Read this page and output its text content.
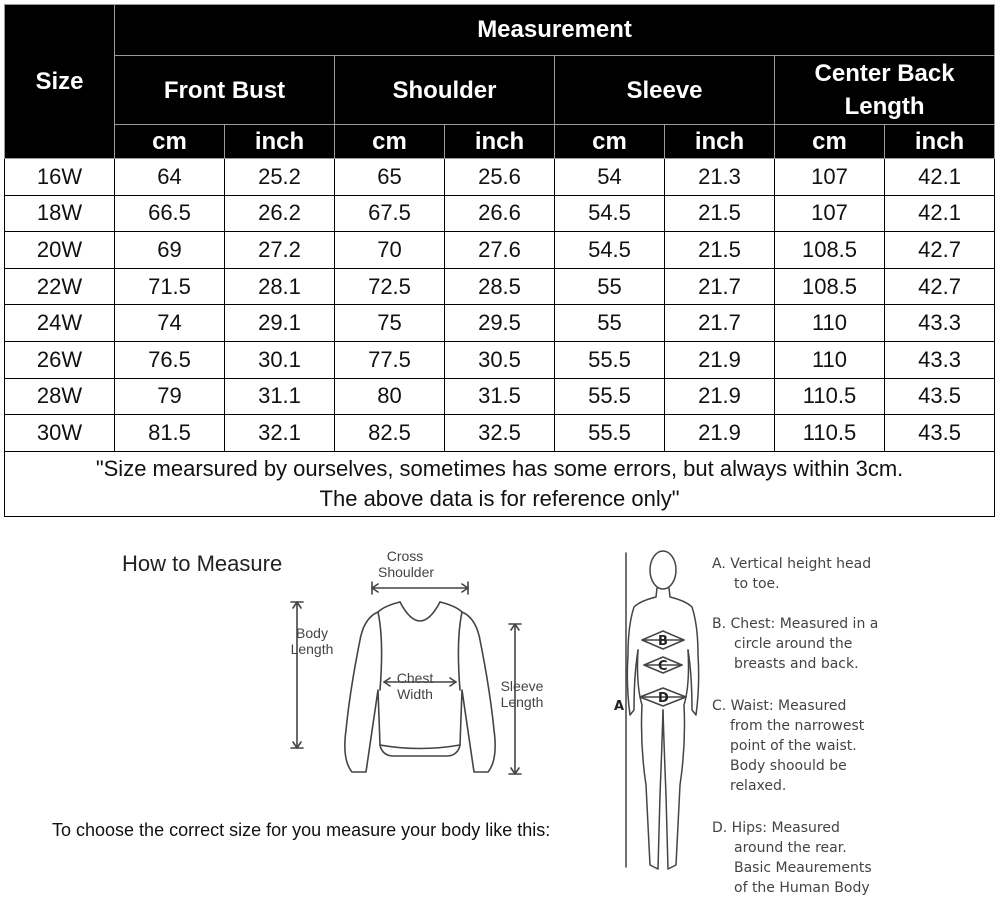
Size	Measurement							
	Front Bust		Shoulder		Sleeve		Center Back
Length	
	cm	inch	cm	inch	cm	inch	cm	inch
16W	64	25.2	65	25.6	54	21.3	107	42.1
18W	66.5	26.2	67.5	26.6	54.5	21.5	107	42.1
20W	69	27.2	70	27.6	54.5	21.5	108.5	42.7
22W	71.5	28.1	72.5	28.5	55	21.7	108.5	42.7
24W	74	29.1	75	29.5	55	21.7	110	43.3
26W	76.5	30.1	77.5	30.5	55.5	21.9	110	43.3
28W	79	31.1	80	31.5	55.5	21.9	110.5	43.5
30W	81.5	32.1	82.5	32.5	55.5	21.9	110.5	43.5
"Size mearsured by ourselves, sometimes has some errors, but always within 3cm.
The above data is for reference only"								
How to Measure	Cross
Shoulder
Body
Length
Chest
Width	Sleeve
Length
To choose the correct size for you measure your body like this:
A
B
C
D
A. Vertical height head
to toe.
B. Chest: Measured in a
circle around the
breasts and back.
C. Waist: Measured
from the narrowest
point of the waist.
Body shoould be
relaxed.
D. Hips: Measured
around the rear.
Basic Meaurements
of the Human Body
